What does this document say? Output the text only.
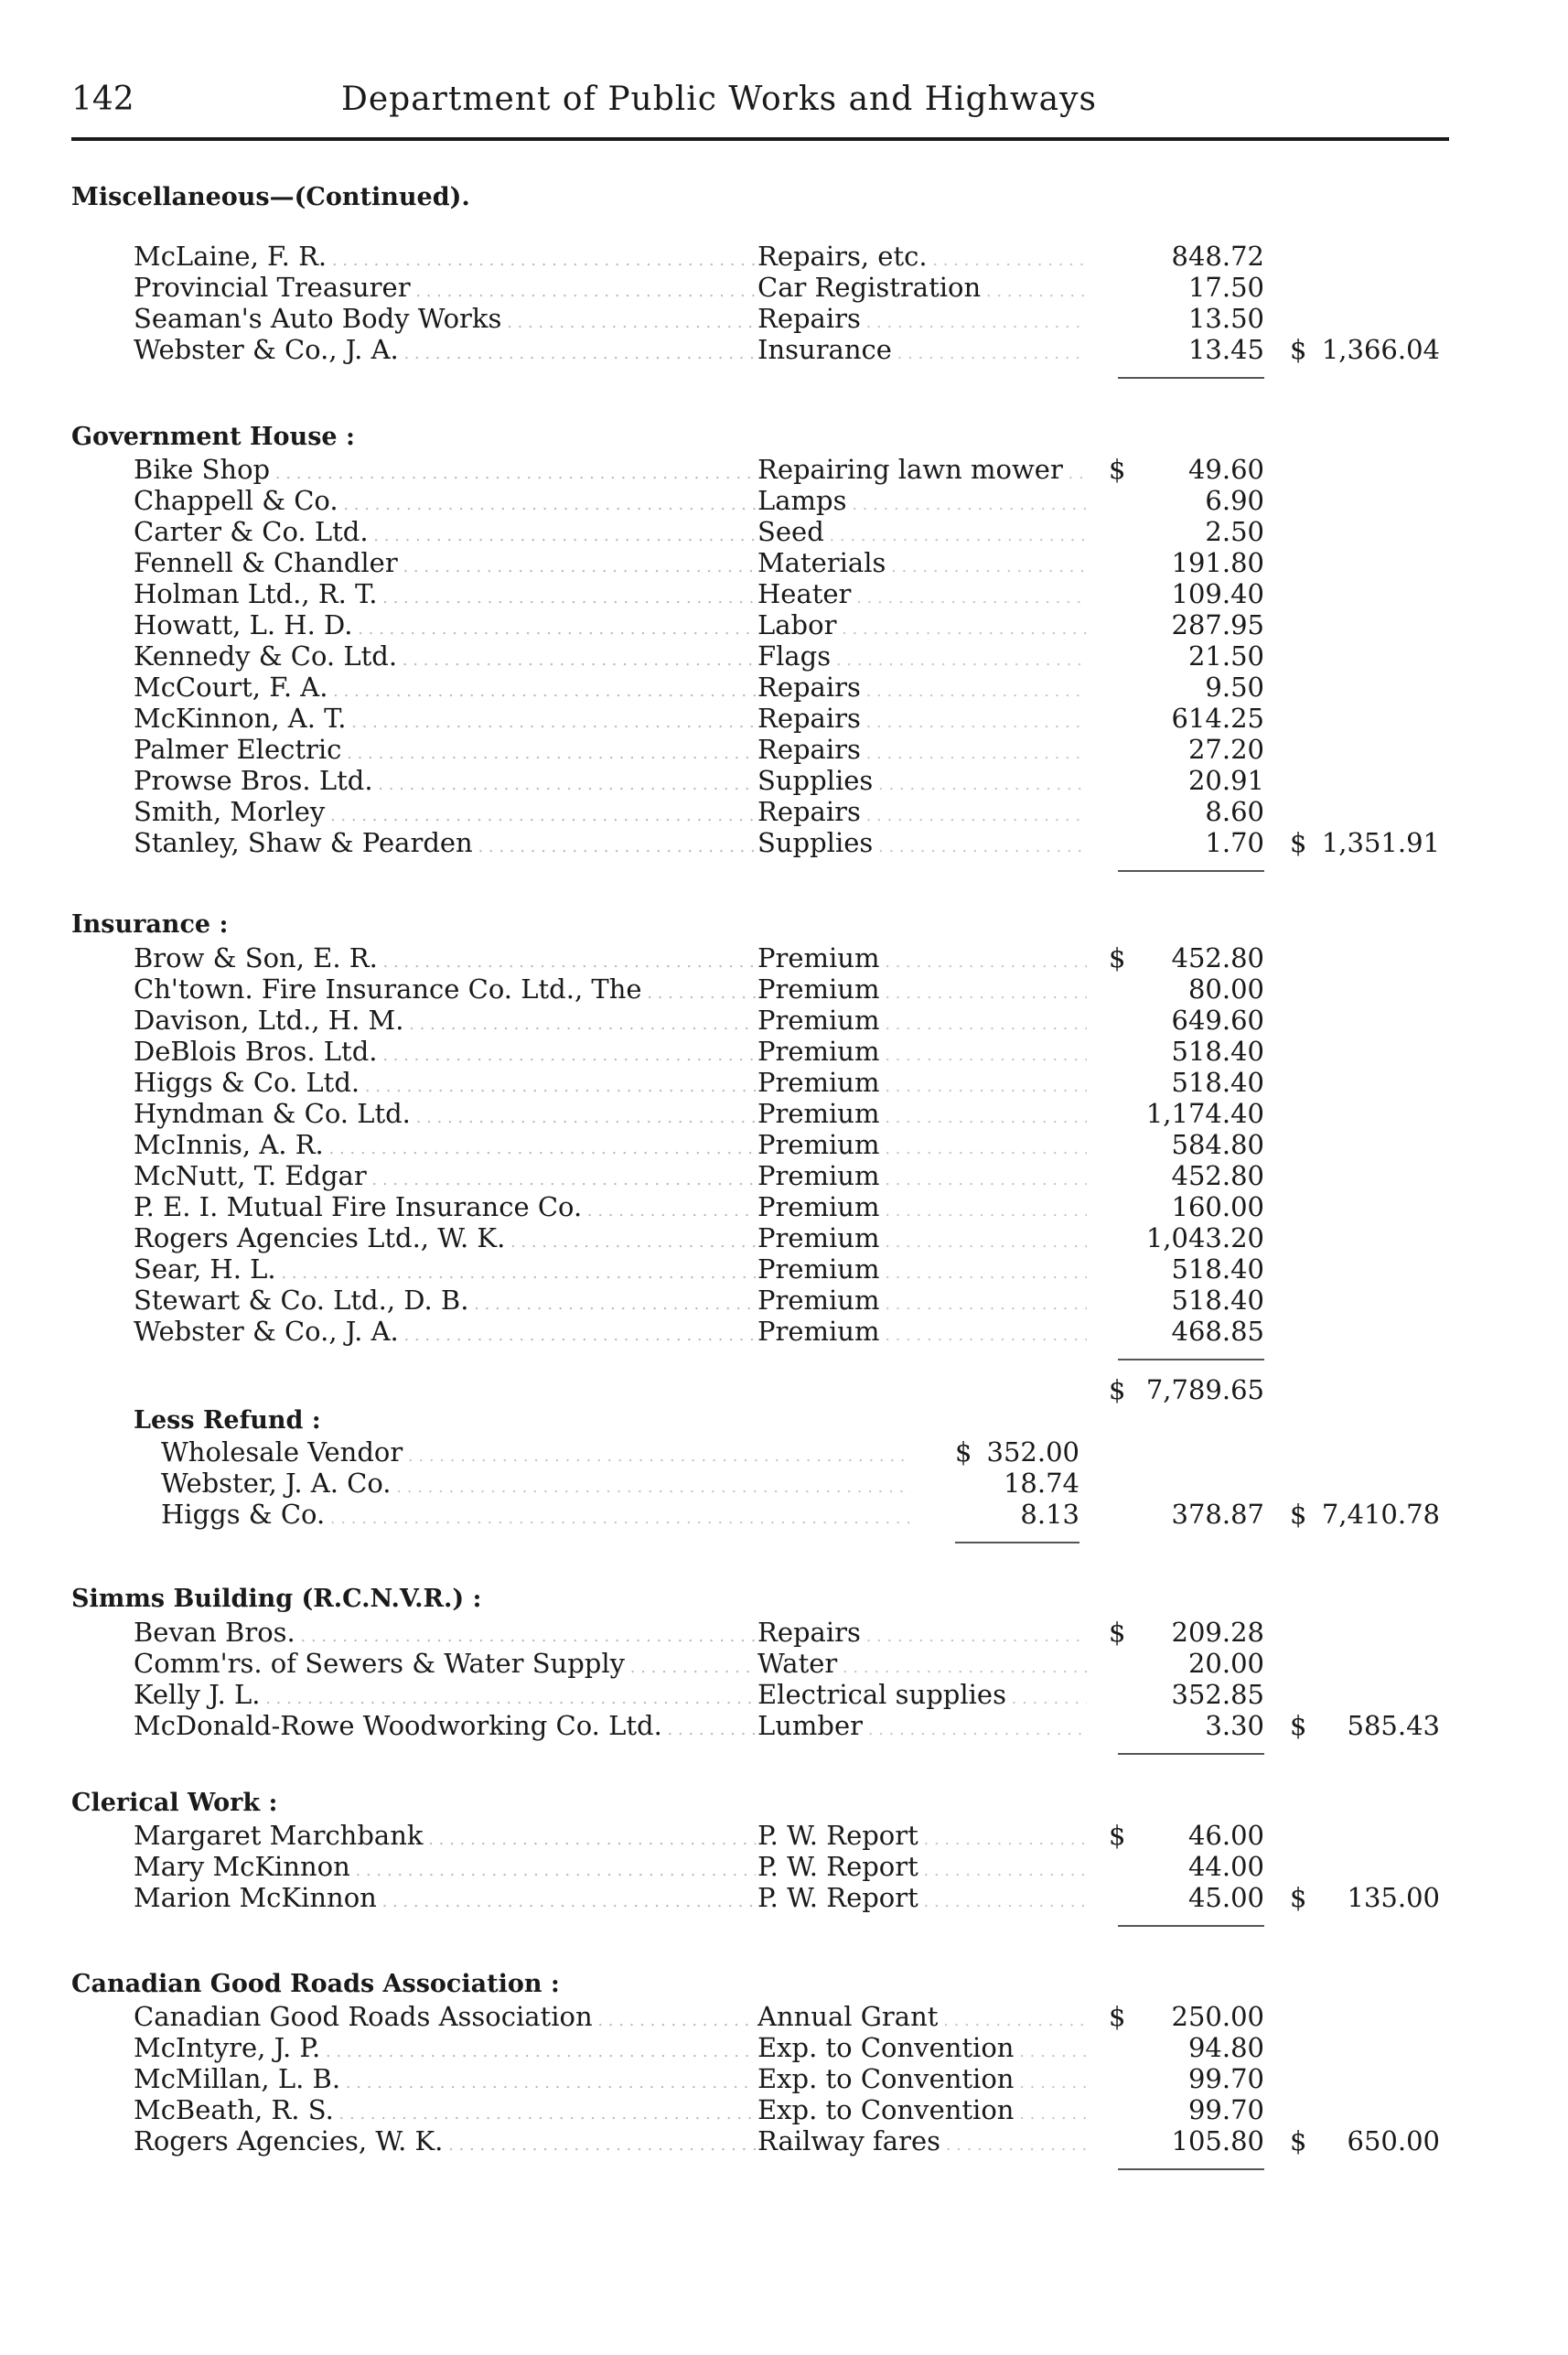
142	Department of Public Works and Highways
Miscellaneous—(Continued).
McLaine, F. R. . . .	Repairs, etc. . . .	848.72
Provincial Treasurer . . .	Car Registration . . .	17.50
Seaman's Auto Body Works . . .	Repairs . . .	13.50
Webster & Co., J. A. . . .	Insurance . . .	13.45 $ 1,366.04
Government House :
Bike Shop . . .	Repairing lawn mower . . .	$	49.60
Chappell & Co. . . .	Lamps . . .	6.90
Carter & Co. Ltd. . . .	Seed . . .	2.50
Fennell & Chandler . . .	Materials . . .	191.80
Holman Ltd., R. T. . . .	Heater . . .	109.40
Howatt, L. H. D. . . .	Labor . . .	287.95
Kennedy & Co. Ltd. . . .	Flags . . .	21.50
McCourt, F. A. . . .	Repairs . . .	9.50
McKinnon, A. T. . . .	Repairs . . .	614.25
Palmer Electric . . .	Repairs . . .	27.20
Prowse Bros. Ltd. . . .	Supplies . . .	20.91
Smith, Morley . . .	Repairs . . .	8.60
Stanley, Shaw & Pearden . . .	Supplies . . .	1.70 $ 1,351.91
Insurance :
Brow & Son, E. R. . . .	Premium . . .	$	452.80
Ch'town. Fire Insurance Co. Ltd., The . . .	Premium . . .	80.00
Davison, Ltd., H. M. . . .	Premium . . .	649.60
DeBlois Bros. Ltd. . . .	Premium . . .	518.40
Higgs & Co. Ltd. . . .	Premium . . .	518.40
Hyndman & Co. Ltd. . . .	Premium . . .	1,174.40
McInnis, A. R. . . .	Premium . . .	584.80
McNutt, T. Edgar . . .	Premium . . .	452.80
P. E. I. Mutual Fire Insurance Co. . . .	Premium . . .	160.00
Rogers Agencies Ltd., W. K. . . .	Premium . . .	1,043.20
Sear, H. L. . . .	Premium . . .	518.40
Stewart & Co. Ltd., D. B. . . .	Premium . . .	518.40
Webster & Co., J. A. . . .	Premium . . .	468.85
$ 7,789.65
Less Refund :
Wholesale Vendor . . .	$ 352.00
Webster, J. A. Co. . . .	18.74
Higgs & Co. . . .	8.13	378.87 $ 7,410.78
Simms Building (R.C.N.V.R.) :
Bevan Bros. . . .	Repairs . . .	$	209.28
Comm'rs. of Sewers & Water Supply . . .	Water . . .	20.00
Kelly J. L. . . .	Electrical supplies . . .	352.85
McDonald-Rowe Woodworking Co. Ltd. . . .	Lumber . . .	3.30 $	585.43
Clerical Work :
Margaret Marchbank . . .	P. W. Report . . .	$	46.00
Mary McKinnon . . .	P. W. Report . . .	44.00
Marion McKinnon . . .	P. W. Report . . .	45.00 $	135.00
Canadian Good Roads Association :
Canadian Good Roads Association . . .	Annual Grant . . .	$	250.00
McIntyre, J. P. . . .	Exp. to Convention . . .	94.80
McMillan, L. B. . . .	Exp. to Convention . . .	99.70
McBeath, R. S. . . .	Exp. to Convention . . .	99.70
Rogers Agencies, W. K. . . .	Railway fares . . .	105.80 $	650.00
